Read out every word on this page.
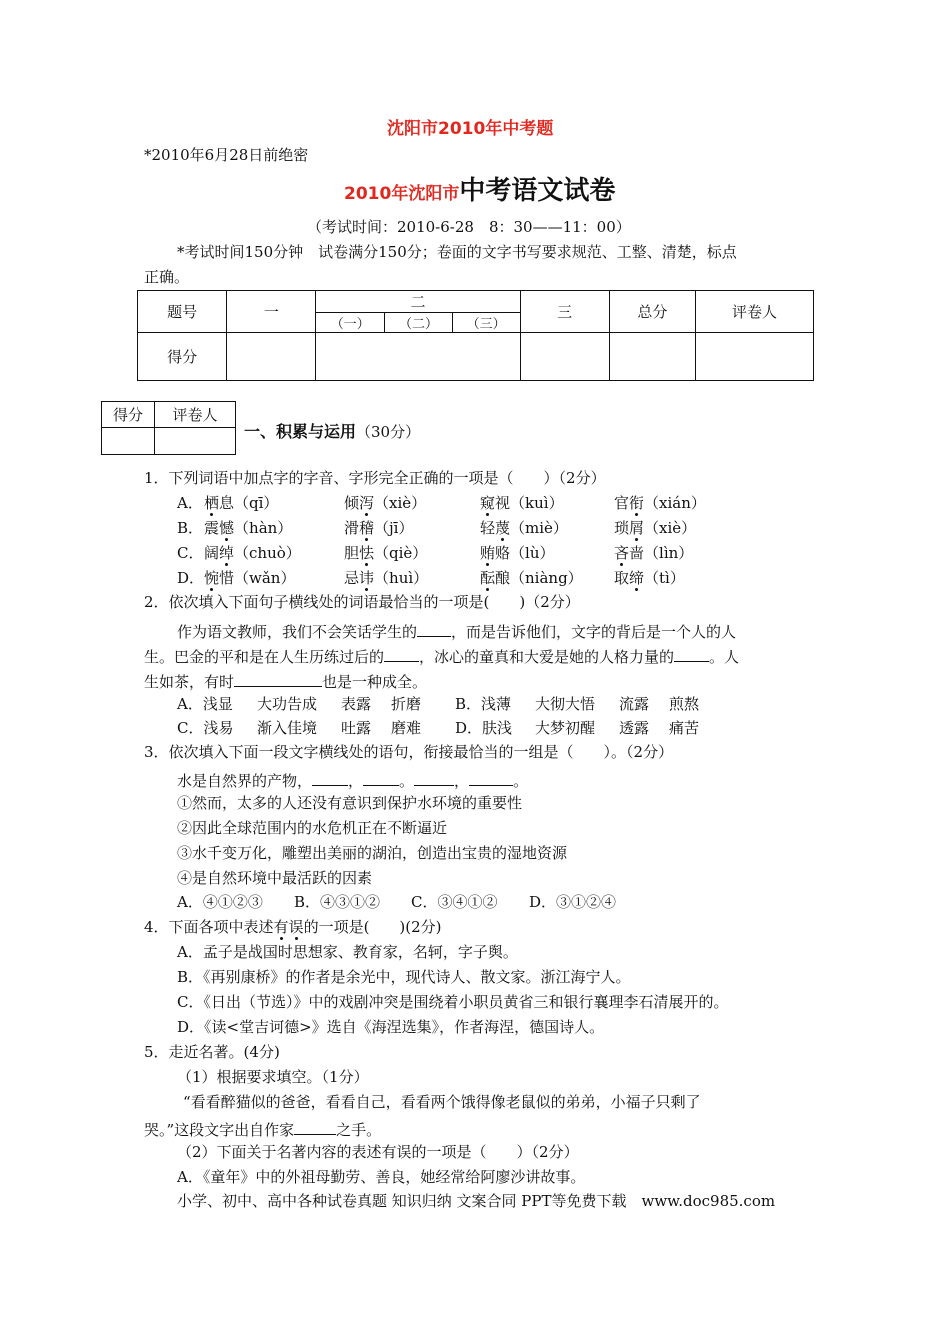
沈阳市2010年中考题
*2010年6月28日前绝密
2010年沈阳市中考语文试卷
（考试时间：2010-6-28　8：30——11：00）
*考试时间150分钟　试卷满分150分；卷面的文字书写要求规范、工整、清楚，标点
正确。
题号	一	二			三	总分	评卷人
		（一）	（二）	（三）			
得分							
得分	评卷人

一、积累与运用（30分）
1．下列词语中加点字的字音、字形完全正确的一项是（　　）（2分）
A． 栖息（qī）	倾泻（xiè）	窥视（kuì）	官衔（xián）
B． 震憾（hàn）	滑稽（jī）	轻蔑（miè）	琐屑（xiè）
C． 阔绰（chuò）	胆怯（qiè）	贿赂（lù）	吝啬（lìn）
D． 惋惜（wǎn）	忌讳（huì）	酝酿（niàng） 取缔（tì）
2．依次填入下面句子横线处的词语最恰当的一项是(　　)（2分）
作为语文教师，我们不会笑话学生的 ，而是告诉他们，文字的背后是一个人的人
生。巴金的平和是在人生历练过后的 ，冰心的童真和大爱是她的人格力量的 。人
生如茶，有时	也是一种成全。
A．浅显 大功告成 表露 折磨 B．浅薄 大彻大悟 流露 煎熬
C．浅易 渐入佳境 吐露 磨难 D．肤浅 大梦初醒 透露 痛苦
3．依次填入下面一段文字横线处的语句，衔接最恰当的一组是（　　）。（2分）
水是自然界的产物， ， 。	，	。
①然而，太多的人还没有意识到保护水环境的重要性
②因此全球范围内的水危机正在不断逼近
③水千变万化，雕塑出美丽的湖泊，创造出宝贵的湿地资源
④是自然环境中最活跃的因素
A．④①②③ B．④③①② C．③④①② D．③①②④
4．下面各项中表述有误的一项是(　　)(2分)
A．孟子是战国时思想家、教育家，名轲，字子舆。
B．《再别康桥》的作者是余光中，现代诗人、散文家。浙江海宁人。
C．《日出（节选）》中的戏剧冲突是围绕着小职员黄省三和银行襄理李石清展开的。
D．《读<堂吉诃德>》选自《海涅选集》，作者海涅，德国诗人。
5．走近名著。(4分)
（1）根据要求填空。（1分）
“看看醉猫似的爸爸，看看自己，看看两个饿得像老鼠似的弟弟，小福子只剩了
哭。”这段文字出自作家	之手。
（2）下面关于名著内容的表述有误的一项是（　　）（2分）
A．《童年》中的外祖母勤劳、善良，她经常给阿廖沙讲故事。
小学、初中、高中各种试卷真题 知识归纳 文案合同 PPT等免费下载　www.doc985.com
